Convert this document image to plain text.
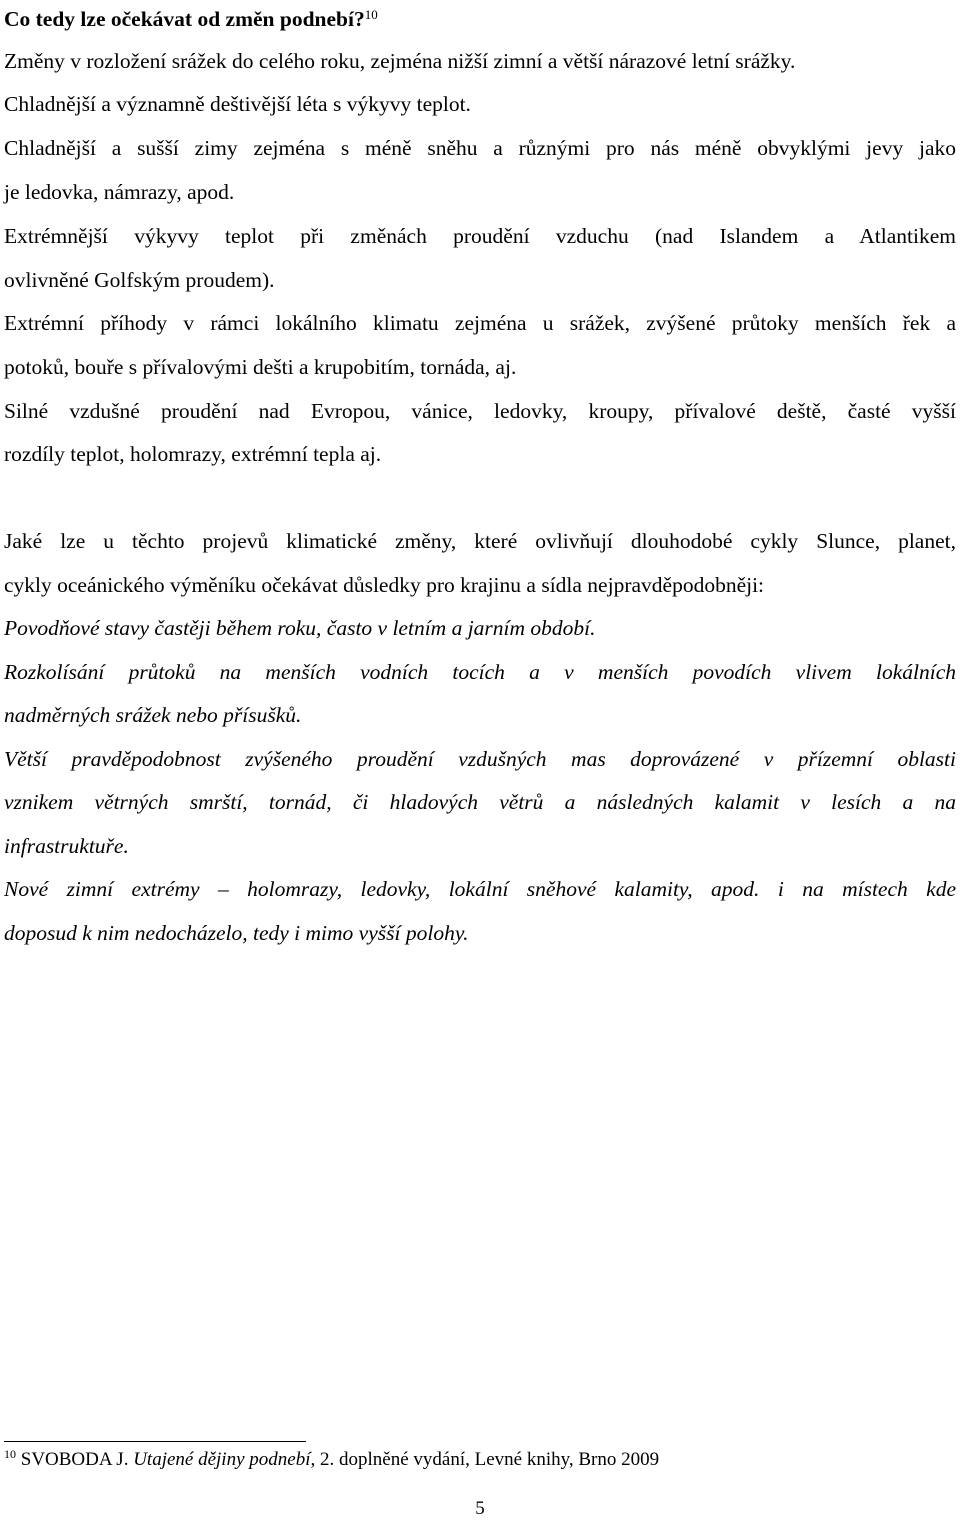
Co tedy lze očekávat od změn podnebí?$^{10}$
Změny v rozložení srážek do celého roku, zejména nižší zimní a větší nárazové letní srážky.
Chladnější a významně deštivější léta s výkyvy teplot.
Chladnější a sušší zimy zejména s méně sněhu a různými pro nás méně obvyklými jevy jako
je ledovka, námrazy, apod.
Extrémnější výkyvy teplot při změnách proudění vzduchu (nad Islandem a Atlantikem
ovlivněné Golfským proudem).
Extrémní příhody v rámci lokálního klimatu zejména u srážek, zvýšené průtoky menších řek a
potoků, bouře s přívalovými dešti a krupobitím, tornáda, aj.
Silné vzdušné proudění nad Evropou, vánice, ledovky, kroupy, přívalové deště, časté vyšší
rozdíly teplot, holomrazy, extrémní tepla aj.
Jaké lze u těchto projevů klimatické změny, které ovlivňují dlouhodobé cykly Slunce, planet,
cykly oceánického výměníku očekávat důsledky pro krajinu a sídla nejpravděpodobněji:
Povodňové stavy častěji během roku, často v letním a jarním období.
Rozkolísání průtoků na menších vodních tocích a v menších povodích vlivem lokálních
nadměrných srážek nebo přísušků.
Větší pravděpodobnost zvýšeného proudění vzdušných mas doprovázené v přízemní oblasti
vznikem větrných smrští, tornád, či hladových větrů a následných kalamit v lesích a na
infrastruktuře.
Nové zimní extrémy – holomrazy, ledovky, lokální sněhové kalamity, apod. i na místech kde
doposud k nim nedocházelo, tedy i mimo vyšší polohy.
$^{10}$ SVOBODA J. Utajené dějiny podnebí, 2. doplněné vydání, Levné knihy, Brno 2009
5
